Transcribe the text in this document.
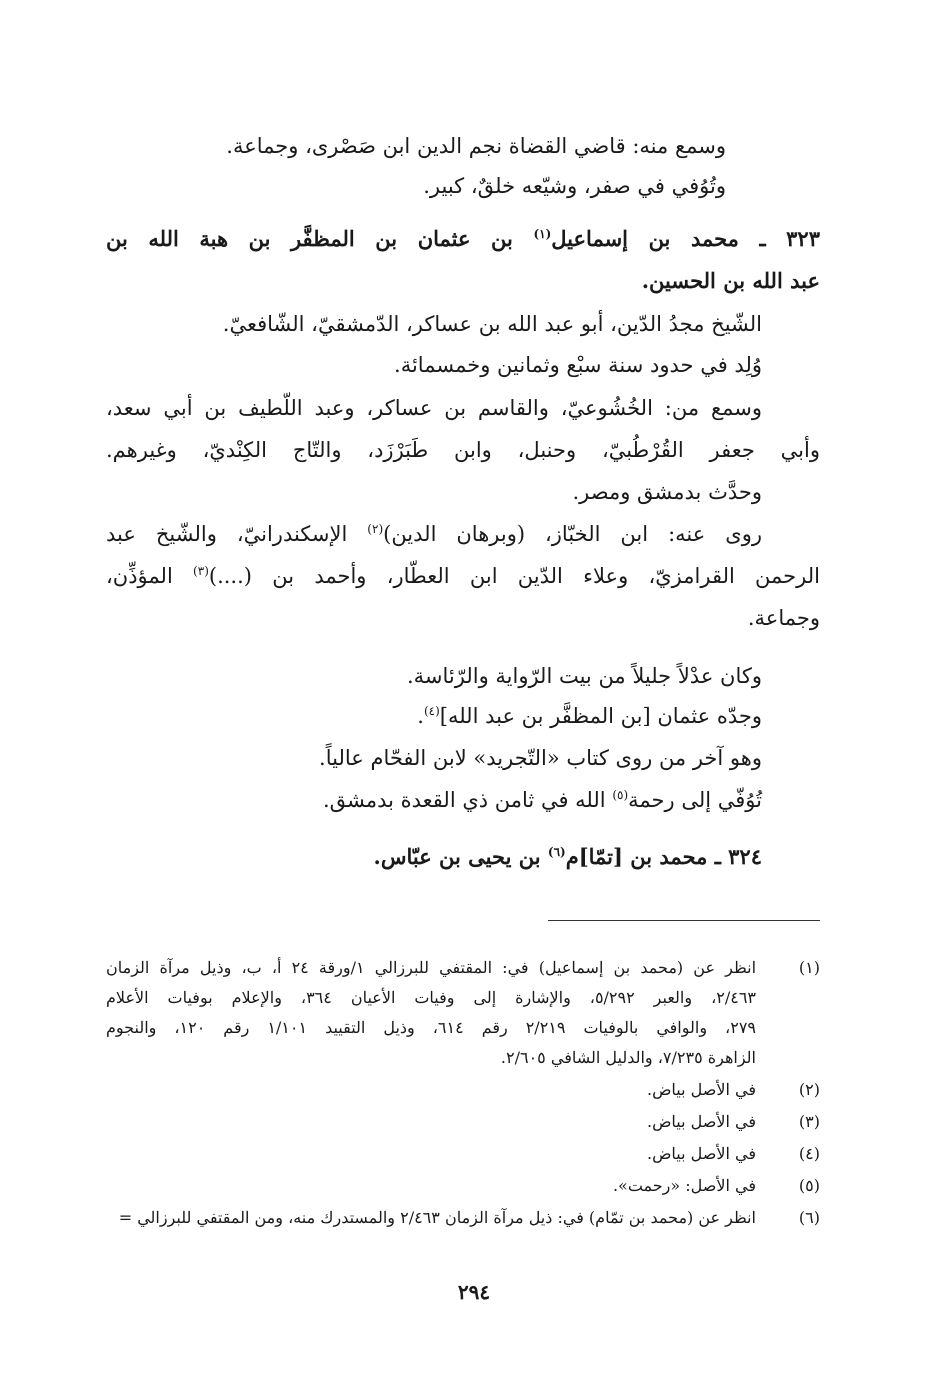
وسمع منه: قاضي القضاة نجم الدين ابن صَصْرى، وجماعة.
وتُوُفي في صفر، وشيّعه خلقٌ، كبير.
٣٢٣ ـ محمد بن إسماعيل$^{(١)}$ بن عثمان بن المظفَّر بن هبة الله بن
عبد الله بن الحسين.
الشّيخ مجدُ الدّين، أبو عبد الله بن عساكر، الدّمشقيّ، الشّافعيّ.
وُلِد في حدود سنة سبْع وثمانين وخمسمائة.
وسمع من: الخُشُوعيّ، والقاسم بن عساكر، وعبد اللّطيف بن أبي سعد،
وأبي جعفر القُرْطُبيّ، وحنبل، وابن طَبَرْزَد، والتّاج الكِنْديّ، وغيرهم.
وحدَّث بدمشق ومصر.
روى عنه: ابن الخبّاز، (وبرهان الدين)$^{(٢)}$ الإسكندرانيّ، والشّيخ عبد
الرحمن القرامزيّ، وعلاء الدّين ابن العطّار، وأحمد بن (....)$^{(٣)}$ المؤذِّن،
وجماعة.
وكان عدْلاً جليلاً من بيت الرّواية والرّئاسة.
وجدّه عثمان [بن المظفَّر بن عبد الله]$^{(٤)}$.
وهو آخر من روى كتاب «التّجريد» لابن الفحّام عالياً.
تُوُفّي إلى رحمة$^{(٥)}$ الله في ثامن ذي القعدة بدمشق.
٣٢٤ ـ محمد بن [تمّا]م$^{(٦)}$ بن يحيى بن عبّاس.
(١)
انظر عن (محمد بن إسماعيل) في: المقتفي للبرزالي ١/ورقة ٢٤ أ، ب، وذيل مرآة الزمان
٢/٤٦٣، والعبر ٥/٢٩٢، والإشارة إلى وفيات الأعيان ٣٦٤، والإعلام بوفيات الأعلام
٢٧٩، والوافي بالوفيات ٢/٢١٩ رقم ٦١٤، وذيل التقييد ١/١٠١ رقم ١٢٠، والنجوم
الزاهرة ٧/٢٣٥، والدليل الشافي ٢/٦٠٥.
(٢)
في الأصل بياض.
(٣)
في الأصل بياض.
(٤)
في الأصل بياض.
(٥)
في الأصل: «رحمت».
(٦)
انظر عن (محمد بن تمّام) في: ذيل مرآة الزمان ٢/٤٦٣ والمستدرك منه، ومن المقتفي للبرزالي =
٢٩٤
